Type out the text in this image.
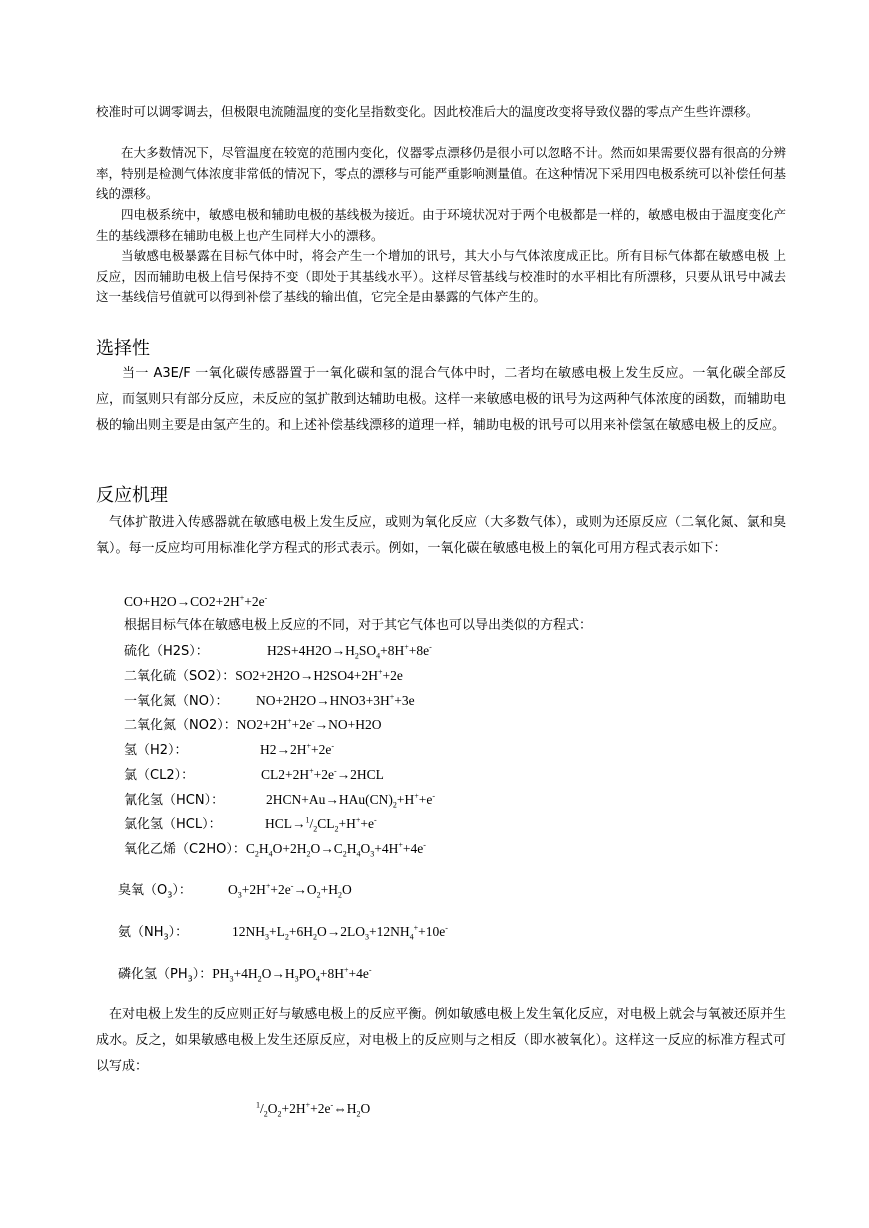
校准时可以调零调去，但极限电流随温度的变化呈指数变化。因此校准后大的温度改变将导致仪器的零点产生些许漂移。

在大多数情况下，尽管温度在较宽的范围内变化，仪器零点漂移仍是很小可以忽略不计。然而如果需要仪器有很高的分辨率，特别是检测气体浓度非常低的情况下，零点的漂移与可能严重影响测量值。在这种情况下采用四电极系统可以补偿任何基线的漂移。

四电极系统中，敏感电极和辅助电极的基线极为接近。由于环境状况对于两个电极都是一样的，敏感电极由于温度变化产生的基线漂移在辅助电极上也产生同样大小的漂移。

当敏感电极暴露在目标气体中时，将会产生一个增加的讯号，其大小与气体浓度成正比。所有目标气体都在敏感电极 上反应，因而辅助电极上信号保持不变（即处于其基线水平）。这样尽管基线与校准时的水平相比有所漂移，只要从讯号中减去这一基线信号值就可以得到补偿了基线的输出值，它完全是由暴露的气体产生的。

选择性

当一 A3E/F 一氧化碳传感器置于一氧化碳和氢的混合气体中时，二者均在敏感电极上发生反应。一氧化碳全部反应，而氢则只有部分反应，未反应的氢扩散到达辅助电极。这样一来敏感电极的讯号为这两种气体浓度的函数，而辅助电极的输出则主要是由氢产生的。和上述补偿基线漂移的道理一样，辅助电极的讯号可以用来补偿氢在敏感电极上的反应。

反应机理

气体扩散进入传感器就在敏感电极上发生反应，或则为氧化反应（大多数气体），或则为还原反应（二氧化氮、氯和臭氧）。每一反应均可用标准化学方程式的形式表示。例如，一氧化碳在敏感电极上的氧化可用方程式表示如下：

CO+H2O→CO2+2H++2e-
根据目标气体在敏感电极上反应的不同，对于其它气体也可以导出类似的方程式：
硫化（H2S）：	$H2S+4H2O\to H_2SO_4+8H^++8e^-$
二氧化硫（SO2）：SO2+2H2O→H2SO4+2H++2e
一氧化氮（NO）： NO+2H2O→HNO3+3H++3e
二氧化氮（NO2）：NO2+2H++2e-→NO+H2O
氢（H2）：	H2→2H++2e-
氯（CL2）：	CL2+2H++2e-→2HCL
氰化氢（HCN）：	$2HCN+Au\to HAu(CN)_2+H^++e^-$
氯化氢（HCL）：	$HCL\to^1/_2CL_2+H^++e^-$
氧化乙烯（C2HO）：$C_2H_4O+2H_2O\to C_2H_4O_3+4H^++4e^-$
臭氧$(O_3)$：	$O_3+2H^++2e^-\to O_2+H_2O$
氨$(NH_3)$：	$12NH_3+L_2+6H_2O\to 2LO_3+12NH_4^++10e^-$
磷化氢$(PH_3)$：$PH_3+4H_2O\to H_3PO_4+8H^++4e^-$

在对电极上发生的反应则正好与敏感电极上的反应平衡。例如敏感电极上发生氧化反应，对电极上就会与氧被还原并生成水。反之，如果敏感电极上发生还原反应，对电极上的反应则与之相反（即水被氧化）。这样这一反应的标准方程式可以写成：

$^1/_2O_2+2H^++2e^-\Leftrightarrow H_2O$
